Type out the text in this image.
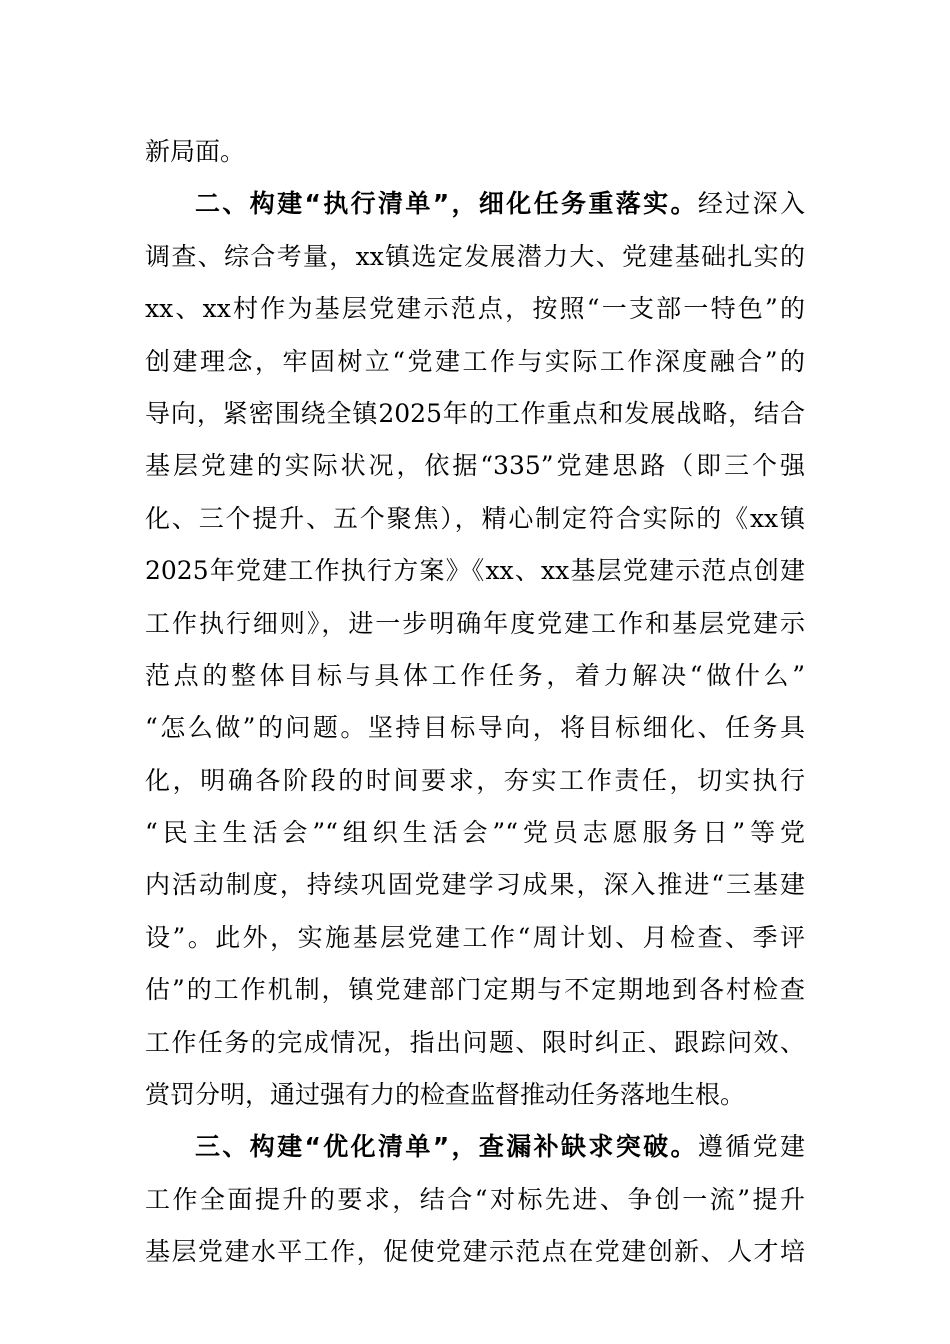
新局面。
二、构建“执行清单”，细化任务重落实。经过深入
调查、综合考量，xx镇选定发展潜力大、党建基础扎实的
xx、xx村作为基层党建示范点，按照“一支部一特色”的
创建理念，牢固树立“党建工作与实际工作深度融合”的
导向，紧密围绕全镇2025年的工作重点和发展战略，结合
基层党建的实际状况，依据“335”党建思路（即三个强
化、三个提升、五个聚焦），精心制定符合实际的《xx镇
2025年党建工作执行方案》《xx、xx基层党建示范点创建
工作执行细则》，进一步明确年度党建工作和基层党建示
范点的整体目标与具体工作任务，着力解决“做什么”
“怎么做”的问题。坚持目标导向，将目标细化、任务具
化，明确各阶段的时间要求，夯实工作责任，切实执行
“民主生活会”“组织生活会”“党员志愿服务日”等党
内活动制度，持续巩固党建学习成果，深入推进“三基建
设”。此外，实施基层党建工作“周计划、月检查、季评
估”的工作机制，镇党建部门定期与不定期地到各村检查
工作任务的完成情况，指出问题、限时纠正、跟踪问效、
赏罚分明，通过强有力的检查监督推动任务落地生根。
三、构建“优化清单”，查漏补缺求突破。遵循党建
工作全面提升的要求，结合“对标先进、争创一流”提升
基层党建水平工作，促使党建示范点在党建创新、人才培
